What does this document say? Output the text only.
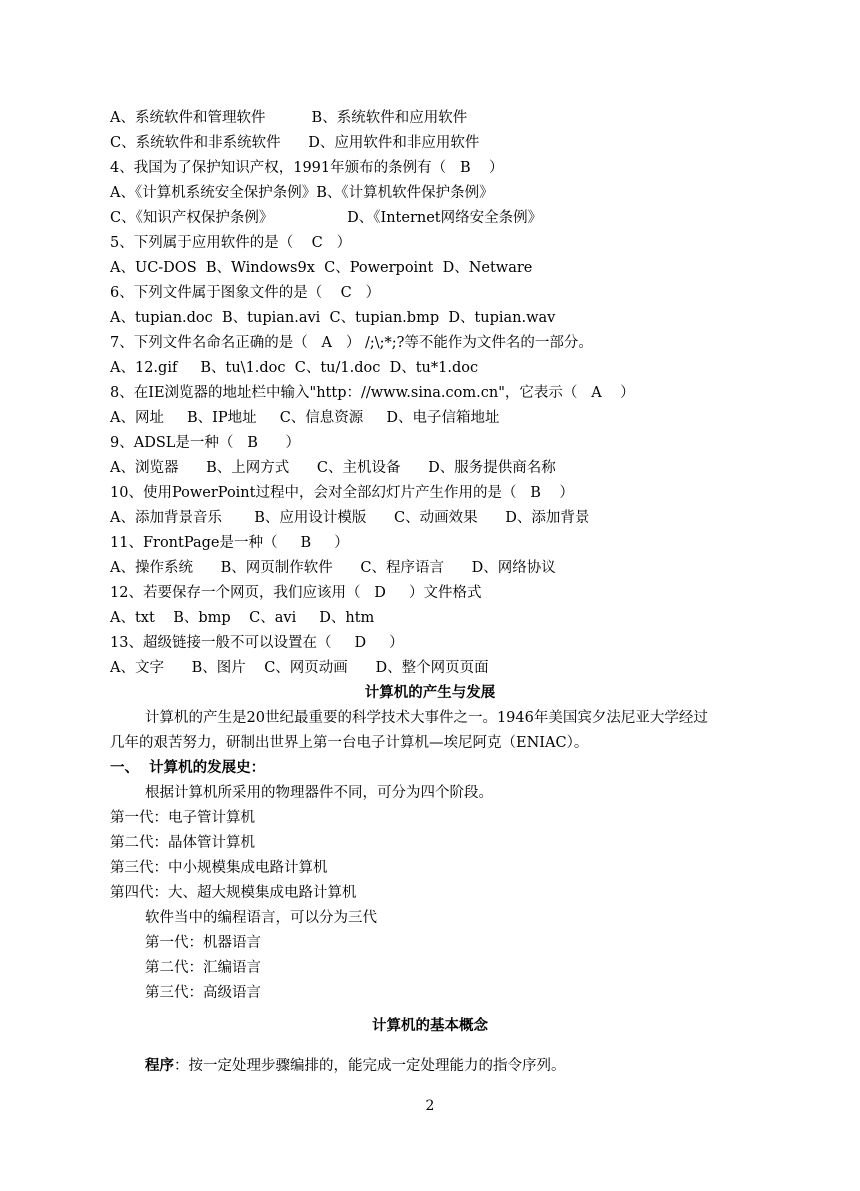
A、系统软件和管理软件          B、系统软件和应用软件
C、系统软件和非系统软件      D、应用软件和非应用软件
4、我国为了保护知识产权，1991年颁布的条例有（   B    ）
A、《计算机系统安全保护条例》B、《计算机软件保护条例》
C、《知识产权保护条例》                D、《Internet网络安全条例》
5、下列属于应用软件的是（    C   ）
A、UC-DOS  B、Windows9x  C、Powerpoint  D、Netware
6、下列文件属于图象文件的是（    C   ）
A、tupian.doc  B、tupian.avi  C、tupian.bmp  D、tupian.wav
7、下列文件名命名正确的是（   A   ） /;\;*;?等不能作为文件名的一部分。
A、12.gif     B、tu\1.doc  C、tu/1.doc  D、tu*1.doc
8、在IE浏览器的地址栏中输入"http：//www.sina.com.cn"，它表示（   A    ）
A、网址     B、IP地址     C、信息资源     D、电子信箱地址
9、ADSL是一种（   B      ）
A、浏览器      B、上网方式      C、主机设备      D、服务提供商名称
10、使用PowerPoint过程中，会对全部幻灯片产生作用的是（   B    ）
A、添加背景音乐       B、应用设计模版      C、动画效果      D、添加背景
11、FrontPage是一种（     B     ）
A、操作系统      B、网页制作软件      C、程序语言      D、网络协议
12、若要保存一个网页，我们应该用（   D     ）文件格式
A、txt    B、bmp    C、avi     D、htm
13、超级链接一般不可以设置在（     D     ）
A、文字      B、图片    C、网页动画      D、整个网页页面
计算机的产生与发展
计算机的产生是20世纪最重要的科学技术大事件之一。1946年美国宾夕法尼亚大学经过
几年的艰苦努力，研制出世界上第一台电子计算机—埃尼阿克（ENIAC）。
一、  计算机的发展史：
根据计算机所采用的物理器件不同，可分为四个阶段。
第一代：电子管计算机
第二代：晶体管计算机
第三代：中小规模集成电路计算机
第四代：大、超大规模集成电路计算机
软件当中的编程语言，可以分为三代
第一代：机器语言
第二代：汇编语言
第三代：高级语言
计算机的基本概念
程序：按一定处理步骤编排的，能完成一定处理能力的指令序列。
2
